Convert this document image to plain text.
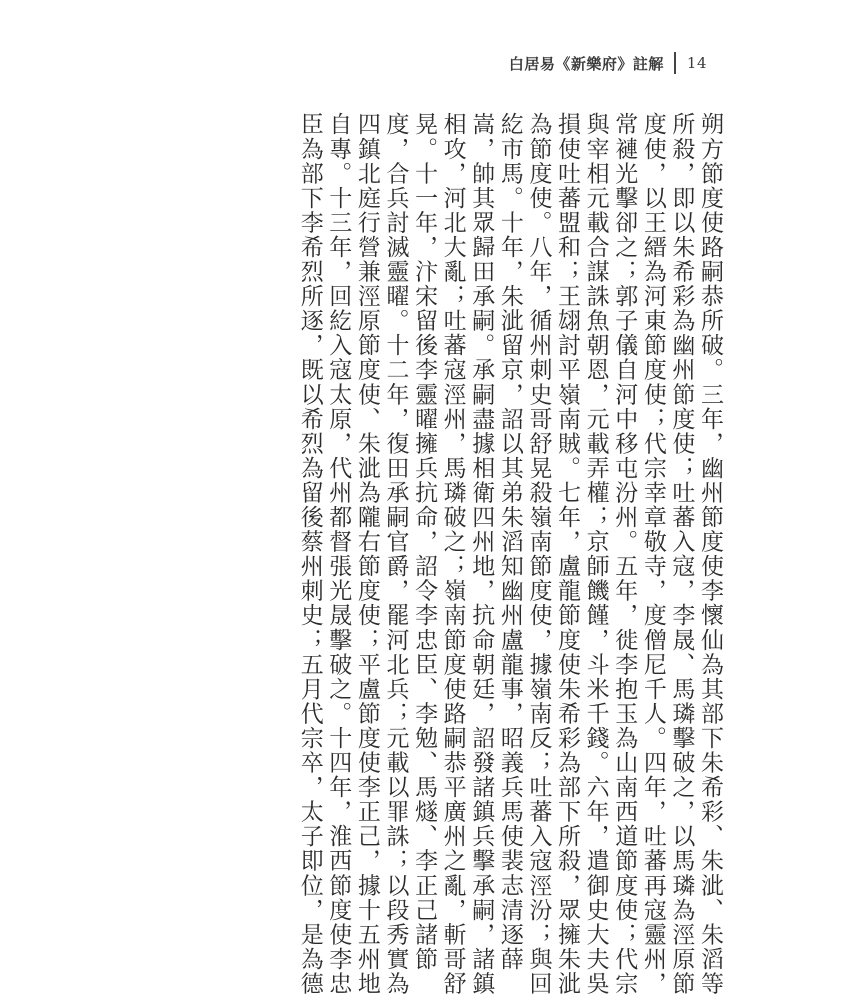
白居易《新樂府》註解 14
朔方節度使路嗣恭所破。三年，幽州節度使李懷仙為其部下朱希彩、朱泚、朱滔等
所殺，即以朱希彩為幽州節度使；吐蕃入寇，李晟、馬璘擊破之，以馬璘為涇原節
度使，以王縉為河東節度使；代宗幸章敬寺，度僧尼千人。四年，吐蕃再寇靈州，
常褳光擊卻之；郭子儀自河中移屯汾州。五年，徙李抱玉為山南西道節度使；代宗
與宰相元載合謀誅魚朝恩，元載弄權；京師饑饉，斗米千錢。六年，遣御史大夫吳
損使吐蕃盟和；王翃討平嶺南賊。七年，盧龍節度使朱希彩為部下所殺，眾擁朱泚
為節度使。八年，循州刺史哥舒晃殺嶺南節度使，據嶺南反；吐蕃入寇涇汾；與回
紇市馬。十年，朱泚留京，詔以其弟朱滔知幽州盧龍事，昭義兵馬使裴志清逐薛
嵩，帥其眾歸田承嗣。承嗣盡據相衛四州地，抗命朝廷，詔發諸鎮兵擊承嗣，諸鎮
相攻，河北大亂；吐蕃寇涇州，馬璘破之；嶺南節度使路嗣恭平廣州之亂，斬哥舒
晃。十一年，汴宋留後李靈曜擁兵抗命，詔令李忠臣、李勉、馬燧、李正己諸節
度，合兵討滅靈曜。十二年，復田承嗣官爵，罷河北兵；元載以罪誅；以段秀實為
四鎮北庭行營兼涇原節度使、朱泚為隴右節度使；平盧節度使李正己，據十五州地
自專。十三年，回紇入寇太原，代州都督張光晟擊破之。十四年，淮西節度使李忠
臣為部下李希烈所逐，既以希烈為留後蔡州刺史；五月代宗卒，太子即位，是為德
